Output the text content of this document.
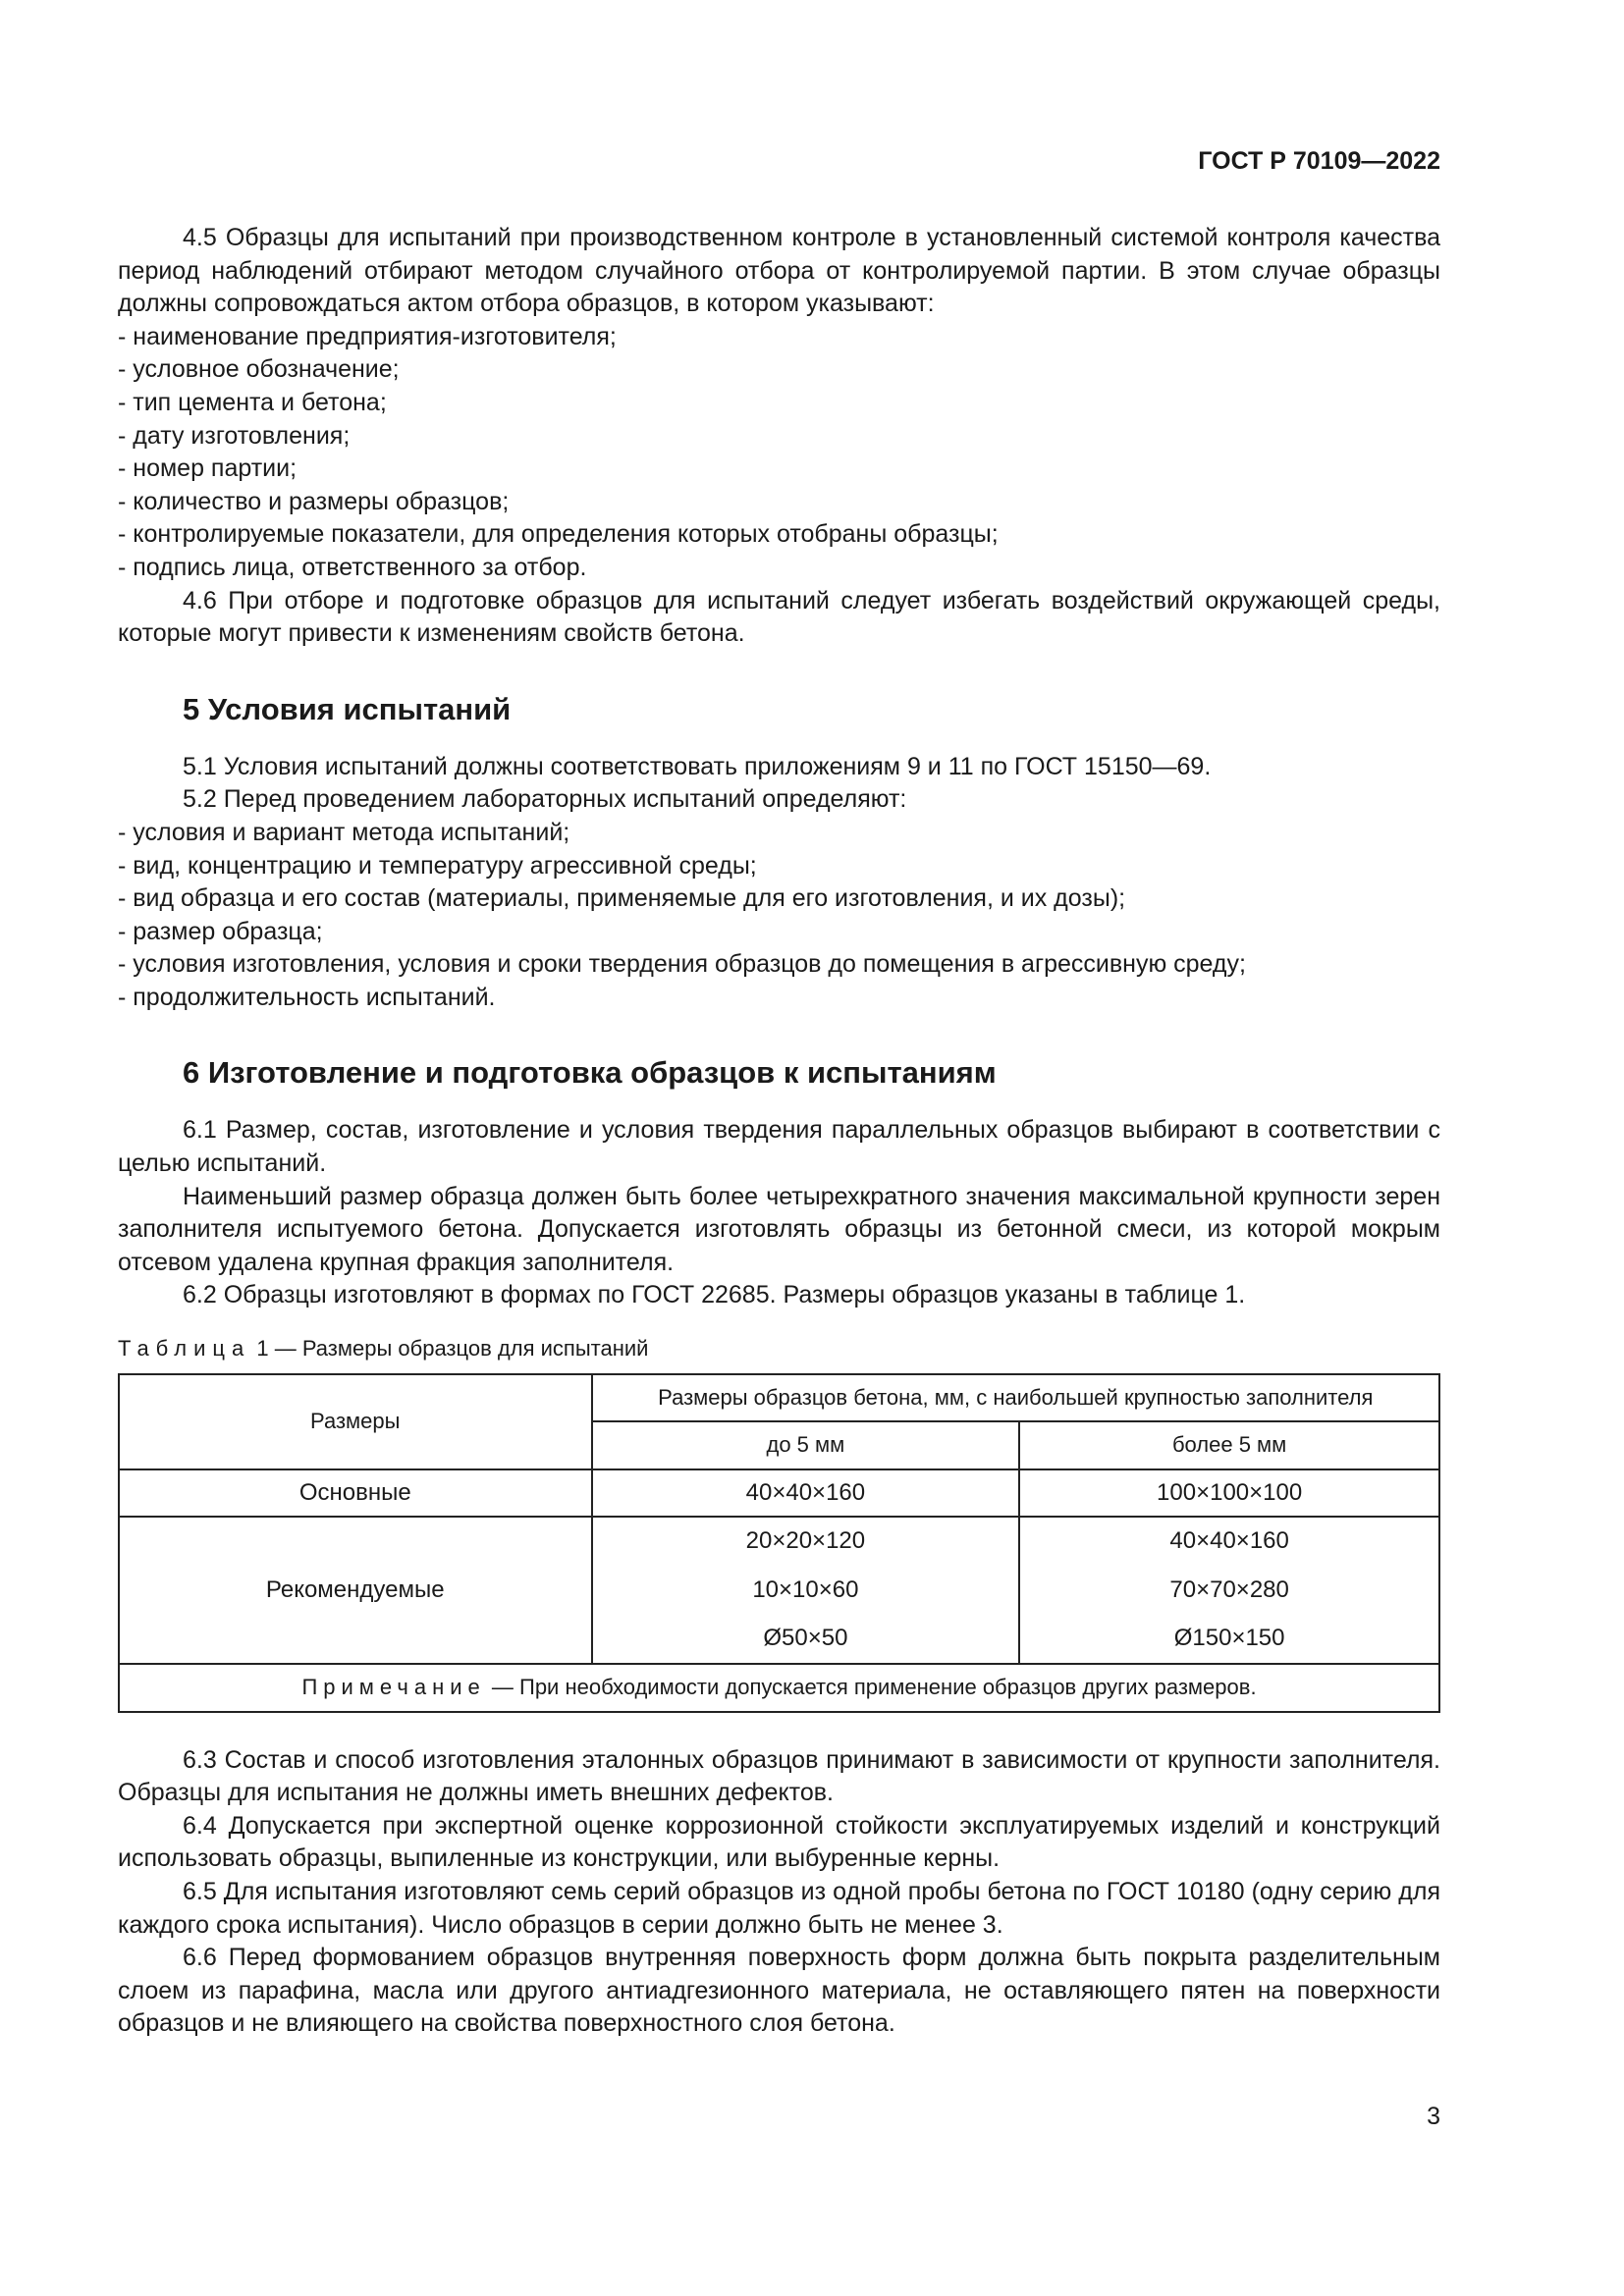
ГОСТ Р 70109—2022

4.5 Образцы для испытаний при производственном контроле в установленный системой контроля качества период наблюдений отбирают методом случайного отбора от контролируемой партии. В этом случае образцы должны сопровождаться актом отбора образцов, в котором указывают:

- наименование предприятия-изготовителя;

- условное обозначение;

- тип цемента и бетона;

- дату изготовления;

- номер партии;

- количество и размеры образцов;

- контролируемые показатели, для определения которых отобраны образцы;

- подпись лица, ответственного за отбор.

4.6 При отборе и подготовке образцов для испытаний следует избегать воздействий окружающей среды, которые могут привести к изменениям свойств бетона.

5 Условия испытаний

5.1 Условия испытаний должны соответствовать приложениям 9 и 11 по ГОСТ 15150—69.

5.2 Перед проведением лабораторных испытаний определяют:

- условия и вариант метода испытаний;

- вид, концентрацию и температуру агрессивной среды;

- вид образца и его состав (материалы, применяемые для его изготовления, и их дозы);

- размер образца;

- условия изготовления, условия и сроки твердения образцов до помещения в агрессивную среду;

- продолжительность испытаний.

6 Изготовление и подготовка образцов к испытаниям

6.1 Размер, состав, изготовление и условия твердения параллельных образцов выбирают в соответствии с целью испытаний.

Наименьший размер образца должен быть более четырехкратного значения максимальной крупности зерен заполнителя испытуемого бетона. Допускается изготовлять образцы из бетонной смеси, из которой мокрым отсевом удалена крупная фракция заполнителя.

6.2 Образцы изготовляют в формах по ГОСТ 22685. Размеры образцов указаны в таблице 1.

Таблица 1 — Размеры образцов для испытаний
Размеры	Размеры образцов бетона, мм, с наибольшей крупностью заполнителя	
	до 5 мм	более 5 мм
Основные	40×40×160	100×100×100
Рекомендуемые	20×20×120	40×40×160
	10×10×60	70×70×280
	Ø50×50	Ø150×150
Примечание — При необходимости допускается применение образцов других размеров.		

6.3 Состав и способ изготовления эталонных образцов принимают в зависимости от крупности заполнителя. Образцы для испытания не должны иметь внешних дефектов.

6.4 Допускается при экспертной оценке коррозионной стойкости эксплуатируемых изделий и конструкций использовать образцы, выпиленные из конструкции, или выбуренные керны.

6.5 Для испытания изготовляют семь серий образцов из одной пробы бетона по ГОСТ 10180 (одну серию для каждого срока испытания). Число образцов в серии должно быть не менее 3.

6.6 Перед формованием образцов внутренняя поверхность форм должна быть покрыта разделительным слоем из парафина, масла или другого антиадгезионного материала, не оставляющего пятен на поверхности образцов и не влияющего на свойства поверхностного слоя бетона.

3
